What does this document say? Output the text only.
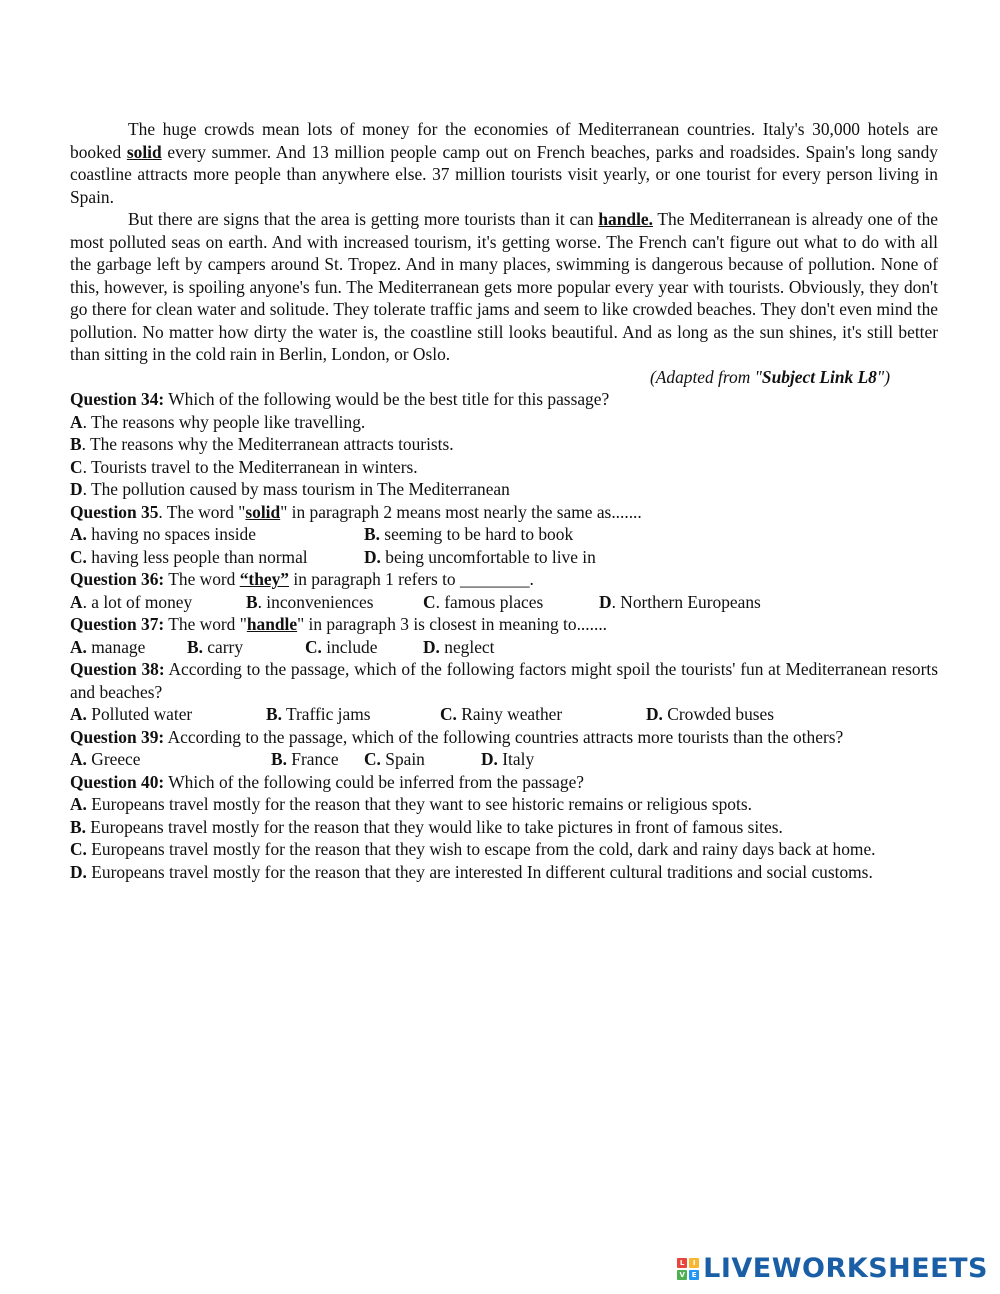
The huge crowds mean lots of money for the economies of Mediterranean countries. Italy's 30,000 hotels are booked solid every summer. And 13 million people camp out on French beaches, parks and roadsides. Spain's long sandy coastline attracts more people than anywhere else. 37 million tourists visit yearly, or one tourist for every person living in Spain.

But there are signs that the area is getting more tourists than it can handle. The Mediterranean is already one of the most polluted seas on earth. And with increased tourism, it's getting worse. The French can't figure out what to do with all the garbage left by campers around St. Tropez. And in many places, swimming is dangerous because of pollution. None of this, however, is spoiling anyone's fun. The Mediterranean gets more popular every year with tourists. Obviously, they don't go there for clean water and solitude. They tolerate traffic jams and seem to like crowded beaches. They don't even mind the pollution. No matter how dirty the water is, the coastline still looks beautiful. And as long as the sun shines, it's still better than sitting in the cold rain in Berlin, London, or Oslo.

(Adapted from "Subject Link L8")

Question 34: Which of the following would be the best title for this passage?

A. The reasons why people like travelling.

B. The reasons why the Mediterranean attracts tourists.

C. Tourists travel to the Mediterranean in winters.

D. The pollution caused by mass tourism in The Mediterranean

Question 35. The word "solid" in paragraph 2 means most nearly the same as.......

A. having no spaces inside	B. seeming to be hard to book

C. having less people than normal	D. being uncomfortable to live in

Question 36: The word “they” in paragraph 1 refers to ________.

A. a lot of money	B. inconveniences	C. famous places	D. Northern Europeans

Question 37: The word "handle" in paragraph 3 is closest in meaning to.......

A. manage B. carry	C. include	D. neglect

Question 38: According to the passage, which of the following factors might spoil the tourists' fun at Mediterranean resorts and beaches?

A. Polluted water	B. Traffic jams	C. Rainy weather	D. Crowded buses

Question 39: According to the passage, which of the following countries attracts more tourists than the others?

A. Greece	B. France C. Spain	D. Italy

Question 40: Which of the following could be inferred from the passage?

A. Europeans travel mostly for the reason that they want to see historic remains or religious spots.

B. Europeans travel mostly for the reason that they would like to take pictures in front of famous sites.

C. Europeans travel mostly for the reason that they wish to escape from the cold, dark and rainy days back at home.

D. Europeans travel mostly for the reason that they are interested In different cultural traditions and social customs.

L	I
V E LIVEWORKSHEETS
